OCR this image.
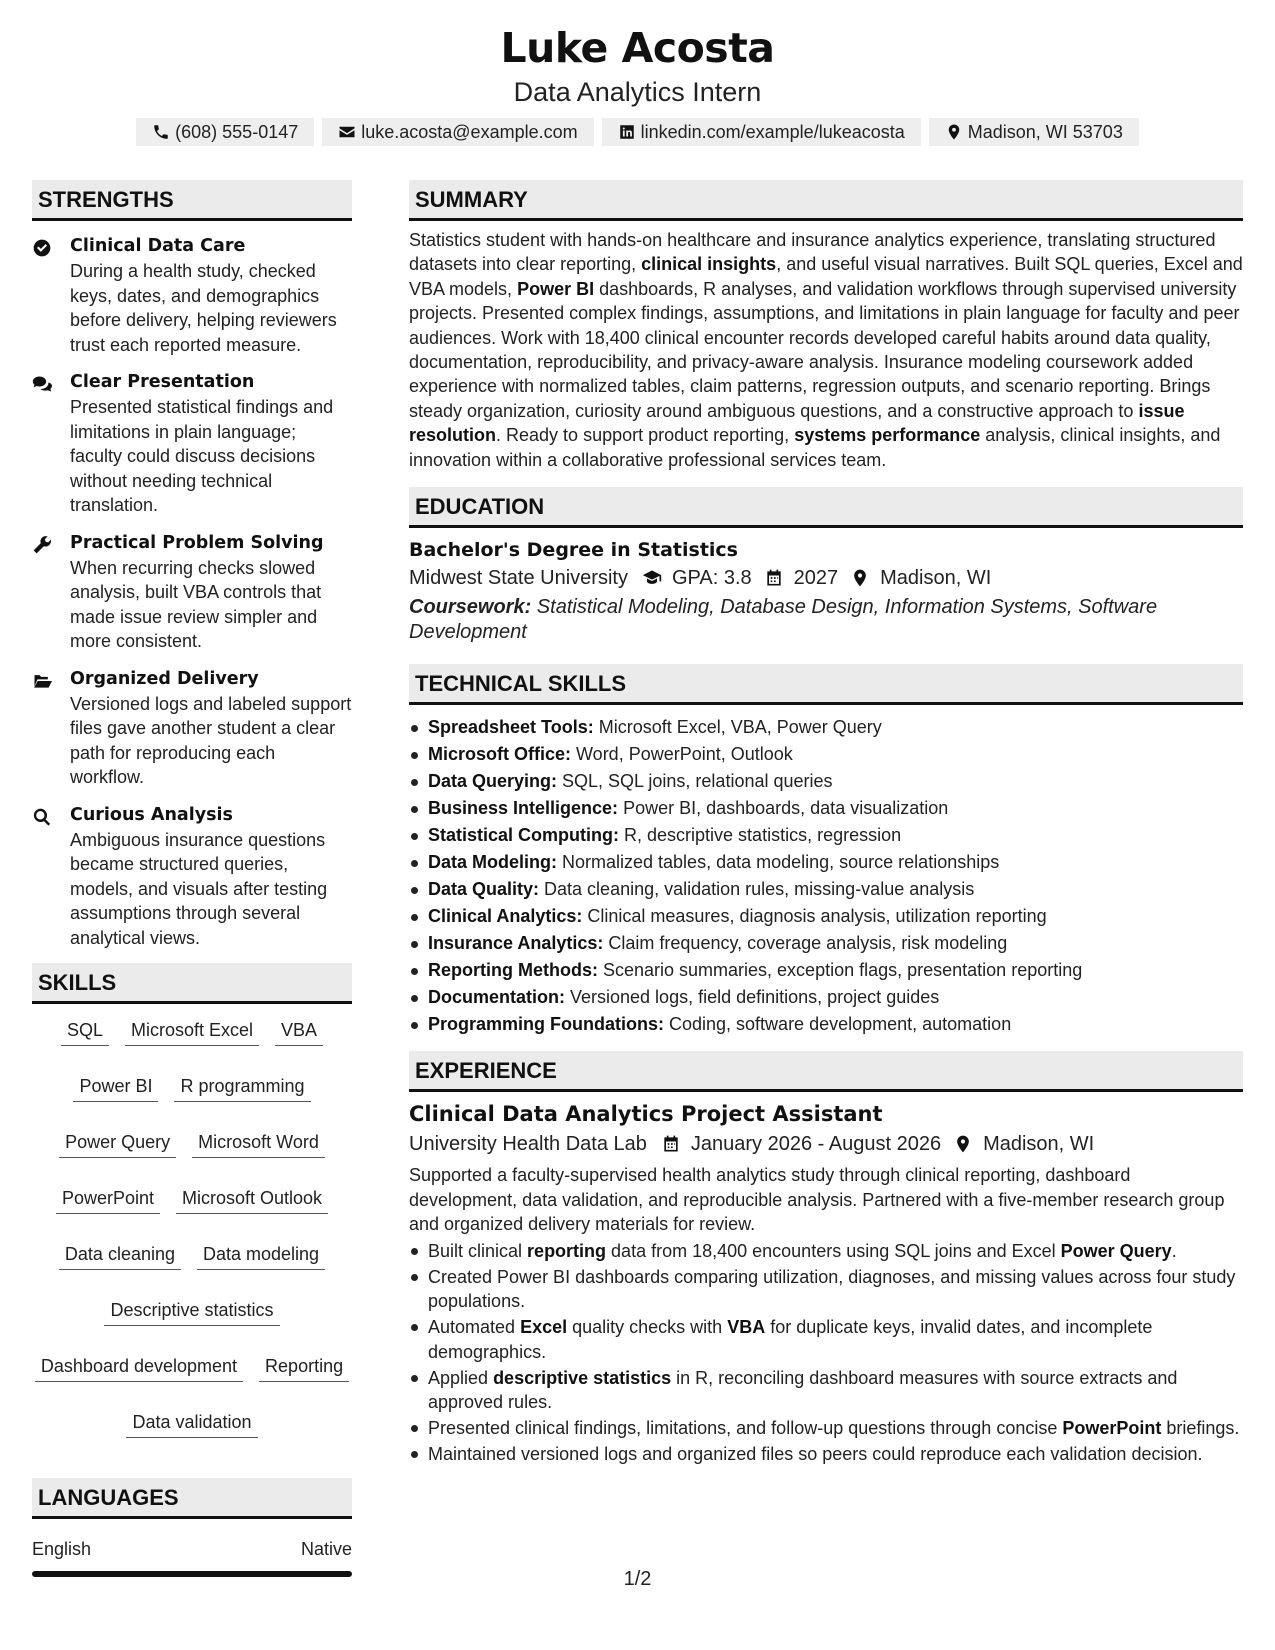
Luke Acosta
Data Analytics Intern
(608) 555-0147	luke.acosta@example.com	linkedin.com/example/lukeacosta	Madison, WI 53703
STRENGTHS
Clinical Data Care
During a health study, checked keys, dates, and demographics before delivery, helping reviewers trust each reported measure.
Clear Presentation
Presented statistical findings and limitations in plain language; faculty could discuss decisions without needing technical translation.
Practical Problem Solving
When recurring checks slowed analysis, built VBA controls that made issue review simpler and more consistent.
Organized Delivery
Versioned logs and labeled support files gave another student a clear path for reproducing each workflow.
Curious Analysis
Ambiguous insurance questions became structured queries, models, and visuals after testing assumptions through several analytical views.
SKILLS
SQL	Microsoft Excel	VBA
Power BI	R programming
Power Query	Microsoft Word
PowerPoint	Microsoft Outlook
Data cleaning	Data modeling
Descriptive statistics
Dashboard development	Reporting
Data validation
LANGUAGES
English	Native
SUMMARY
Statistics student with hands-on healthcare and insurance analytics experience, translating structured datasets into clear reporting, clinical insights, and useful visual narratives. Built SQL queries, Excel and VBA models, Power BI dashboards, R analyses, and validation workflows through supervised university projects. Presented complex findings, assumptions, and limitations in plain language for faculty and peer audiences. Work with 18,400 clinical encounter records developed careful habits around data quality, documentation, reproducibility, and privacy-aware analysis. Insurance modeling coursework added experience with normalized tables, claim patterns, regression outputs, and scenario reporting. Brings steady organization, curiosity around ambiguous questions, and a constructive approach to issue resolution. Ready to support product reporting, systems performance analysis, clinical insights, and innovation within a collaborative professional services team.
EDUCATION
Bachelor's Degree in Statistics
Midwest State University GPA: 3.8 2027 Madison, WI
Coursework: Statistical Modeling, Database Design, Information Systems, Software Development
TECHNICAL SKILLS
Spreadsheet Tools: Microsoft Excel, VBA, Power Query
Microsoft Office: Word, PowerPoint, Outlook
Data Querying: SQL, SQL joins, relational queries
Business Intelligence: Power BI, dashboards, data visualization
Statistical Computing: R, descriptive statistics, regression
Data Modeling: Normalized tables, data modeling, source relationships
Data Quality: Data cleaning, validation rules, missing-value analysis
Clinical Analytics: Clinical measures, diagnosis analysis, utilization reporting
Insurance Analytics: Claim frequency, coverage analysis, risk modeling
Reporting Methods: Scenario summaries, exception flags, presentation reporting
Documentation: Versioned logs, field definitions, project guides
Programming Foundations: Coding, software development, automation
EXPERIENCE
Clinical Data Analytics Project Assistant
University Health Data Lab January 2026 - August 2026 Madison, WI
Supported a faculty-supervised health analytics study through clinical reporting, dashboard development, data validation, and reproducible analysis. Partnered with a five-member research group and organized delivery materials for review.
Built clinical reporting data from 18,400 encounters using SQL joins and Excel Power Query.
Created Power BI dashboards comparing utilization, diagnoses, and missing values across four study populations.
Automated Excel quality checks with VBA for duplicate keys, invalid dates, and incomplete demographics.
Applied descriptive statistics in R, reconciling dashboard measures with source extracts and approved rules.
Presented clinical findings, limitations, and follow-up questions through concise PowerPoint briefings.
Maintained versioned logs and organized files so peers could reproduce each validation decision.
1/2
